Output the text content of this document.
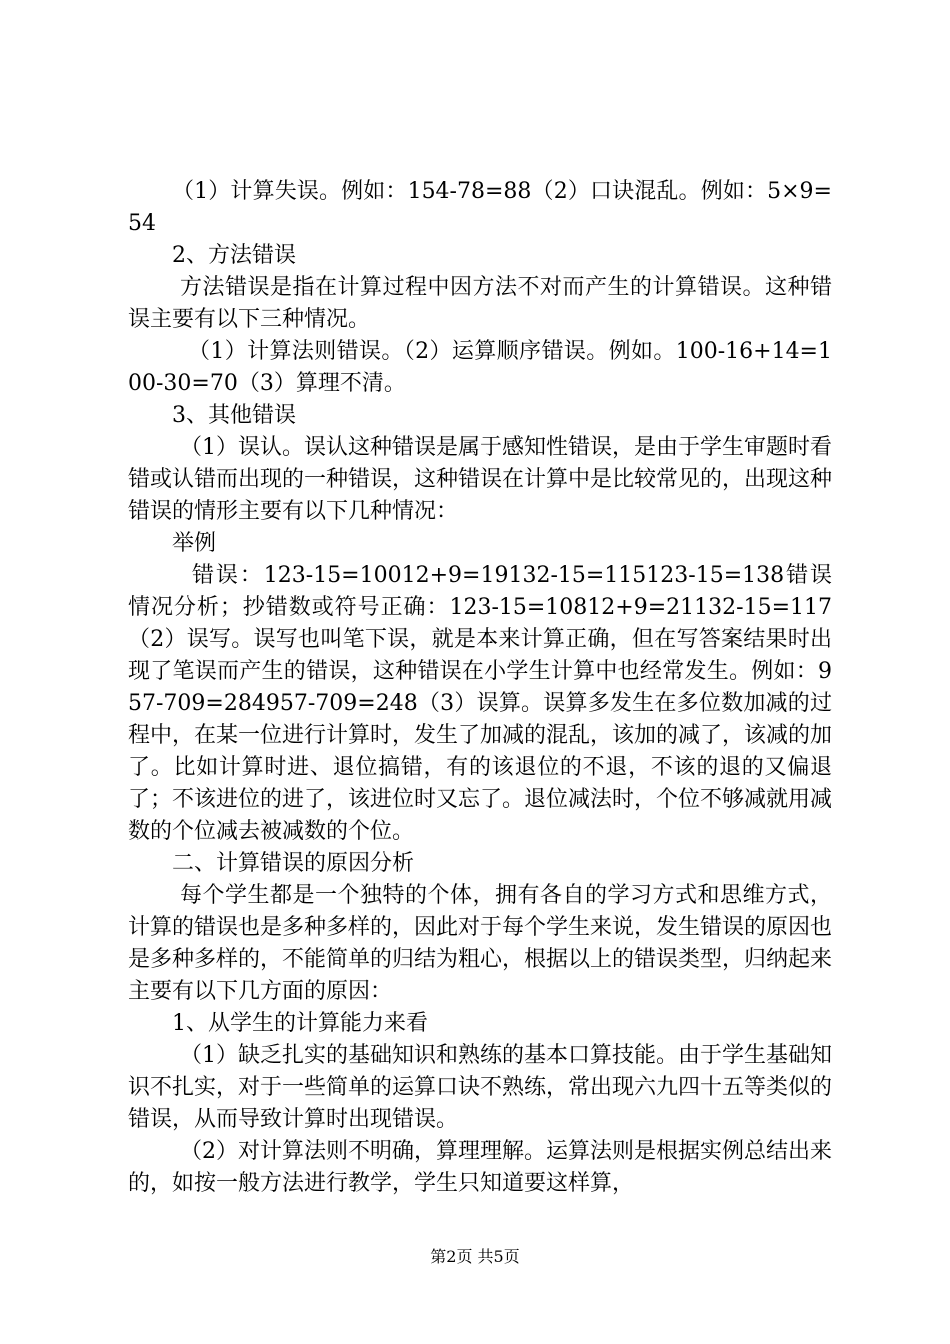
（1）计算失误。例如：154-78=88（2）口诀混乱。例如：5×9=54

2、方法错误

方法错误是指在计算过程中因方法不对而产生的计算错误。这种错误主要有以下三种情况。

（1）计算法则错误。（2）运算顺序错误。例如。100-16+14=100-30=70（3）算理不清。

3、其他错误

（1）误认。误认这种错误是属于感知性错误，是由于学生审题时看错或认错而出现的一种错误，这种错误在计算中是比较常见的，出现这种错误的情形主要有以下几种情况：

举例

错误：123-15=10012+9=19132-15=115123-15=138错误情况分析；抄错数或符号正确：123-15=10812+9=21132-15=117（2）误写。误写也叫笔下误，就是本来计算正确，但在写答案结果时出现了笔误而产生的错误，这种错误在小学生计算中也经常发生。例如：957-709=284957-709=248（3）误算。误算多发生在多位数加减的过程中，在某一位进行计算时，发生了加减的混乱，该加的减了，该减的加了。比如计算时进、退位搞错，有的该退位的不退，不该的退的又偏退了；不该进位的进了，该进位时又忘了。退位减法时，个位不够减就用减数的个位减去被减数的个位。

二、计算错误的原因分析

每个学生都是一个独特的个体，拥有各自的学习方式和思维方式，计算的错误也是多种多样的，因此对于每个学生来说，发生错误的原因也是多种多样的，不能简单的归结为粗心，根据以上的错误类型，归纳起来主要有以下几方面的原因：

1、从学生的计算能力来看

（1）缺乏扎实的基础知识和熟练的基本口算技能。由于学生基础知识不扎实，对于一些简单的运算口诀不熟练，常出现六九四十五等类似的错误，从而导致计算时出现错误。

（2）对计算法则不明确，算理理解。运算法则是根据实例总结出来的，如按一般方法进行教学，学生只知道要这样算，

第2页 共5页
